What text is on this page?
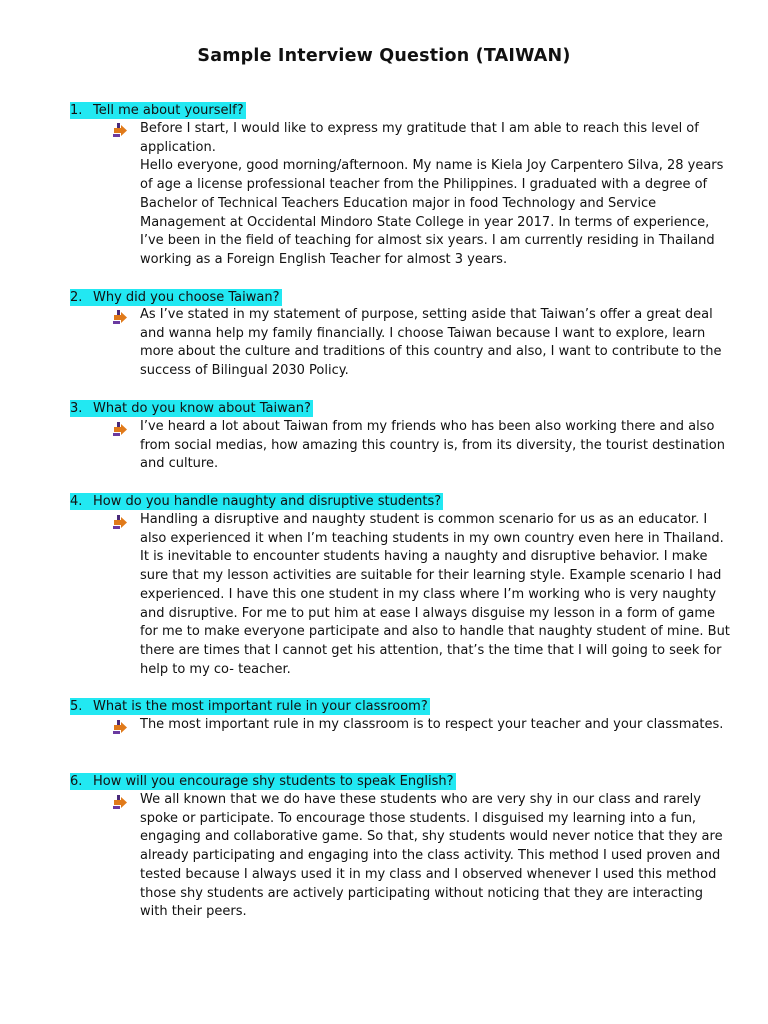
Sample Interview Question (TAIWAN)
1. Tell me about yourself?

Before I start, I would like to express my gratitude that I am able to reach this level of application.

Hello everyone, good morning/afternoon. My name is Kiela Joy Carpentero Silva, 28 years of age a license professional teacher from the Philippines. I graduated with a degree of Bachelor of Technical Teachers Education major in food Technology and Service Management at Occidental Mindoro State College in year 2017. In terms of experience, I’ve been in the field of teaching for almost six years. I am currently residing in Thailand working as a Foreign English Teacher for almost 3 years.

2. Why did you choose Taiwan?

As I’ve stated in my statement of purpose, setting aside that Taiwan’s offer a great deal and wanna help my family financially. I choose Taiwan because I want to explore, learn more about the culture and traditions of this country and also, I want to contribute to the success of Bilingual 2030 Policy.

3. What do you know about Taiwan?

I’ve heard a lot about Taiwan from my friends who has been also working there and also from social medias, how amazing this country is, from its diversity, the tourist destination and culture.

4. How do you handle naughty and disruptive students?

Handling a disruptive and naughty student is common scenario for us as an educator. I also experienced it when I’m teaching students in my own country even here in Thailand. It is inevitable to encounter students having a naughty and disruptive behavior. I make sure that my lesson activities are suitable for their learning style. Example scenario I had experienced. I have this one student in my class where I’m working who is very naughty and disruptive. For me to put him at ease I always disguise my lesson in a form of game for me to make everyone participate and also to handle that naughty student of mine. But there are times that I cannot get his attention, that’s the time that I will going to seek for help to my co- teacher.

5. What is the most important rule in your classroom?

The most important rule in my classroom is to respect your teacher and your classmates.

6. How will you encourage shy students to speak English?

We all known that we do have these students who are very shy in our class and rarely spoke or participate. To encourage those students. I disguised my learning into a fun, engaging and collaborative game. So that, shy students would never notice that they are already participating and engaging into the class activity. This method I used proven and tested because I always used it in my class and I observed whenever I used this method those shy students are actively participating without noticing that they are interacting with their peers.
